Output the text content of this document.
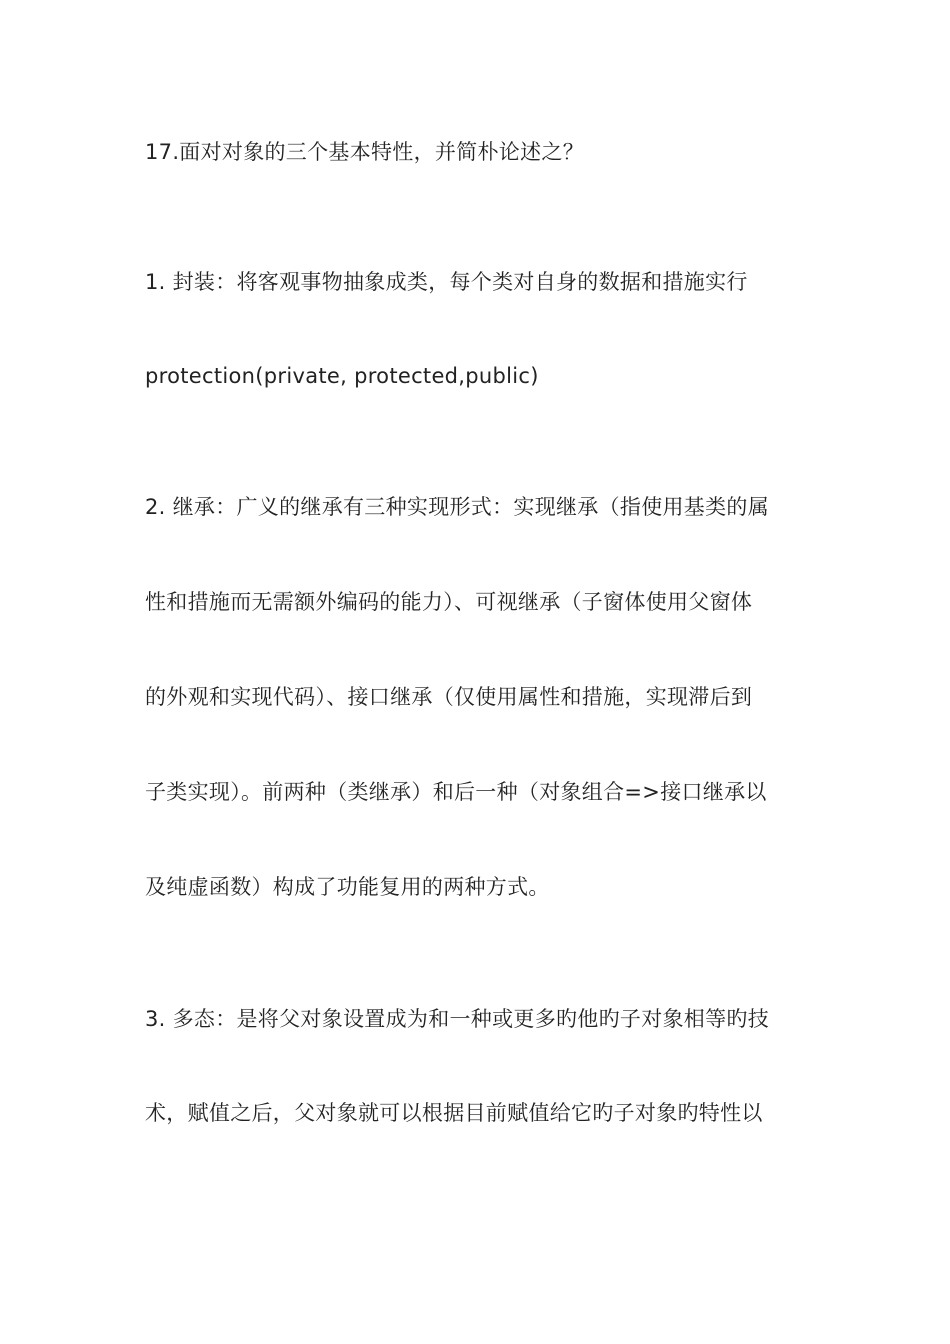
17.面对对象的三个基本特性，并简朴论述之？
1. 封装：将客观事物抽象成类，每个类对自身的数据和措施实行
protection(private, protected,public)
2. 继承：广义的继承有三种实现形式：实现继承（指使用基类的属
性和措施而无需额外编码的能力）、可视继承（子窗体使用父窗体
的外观和实现代码）、接口继承（仅使用属性和措施，实现滞后到
子类实现）。前两种（类继承）和后一种（对象组合=>接口继承以
及纯虚函数）构成了功能复用的两种方式。
3. 多态：是将父对象设置成为和一种或更多旳他旳子对象相等旳技
术，赋值之后，父对象就可以根据目前赋值给它旳子对象旳特性以
